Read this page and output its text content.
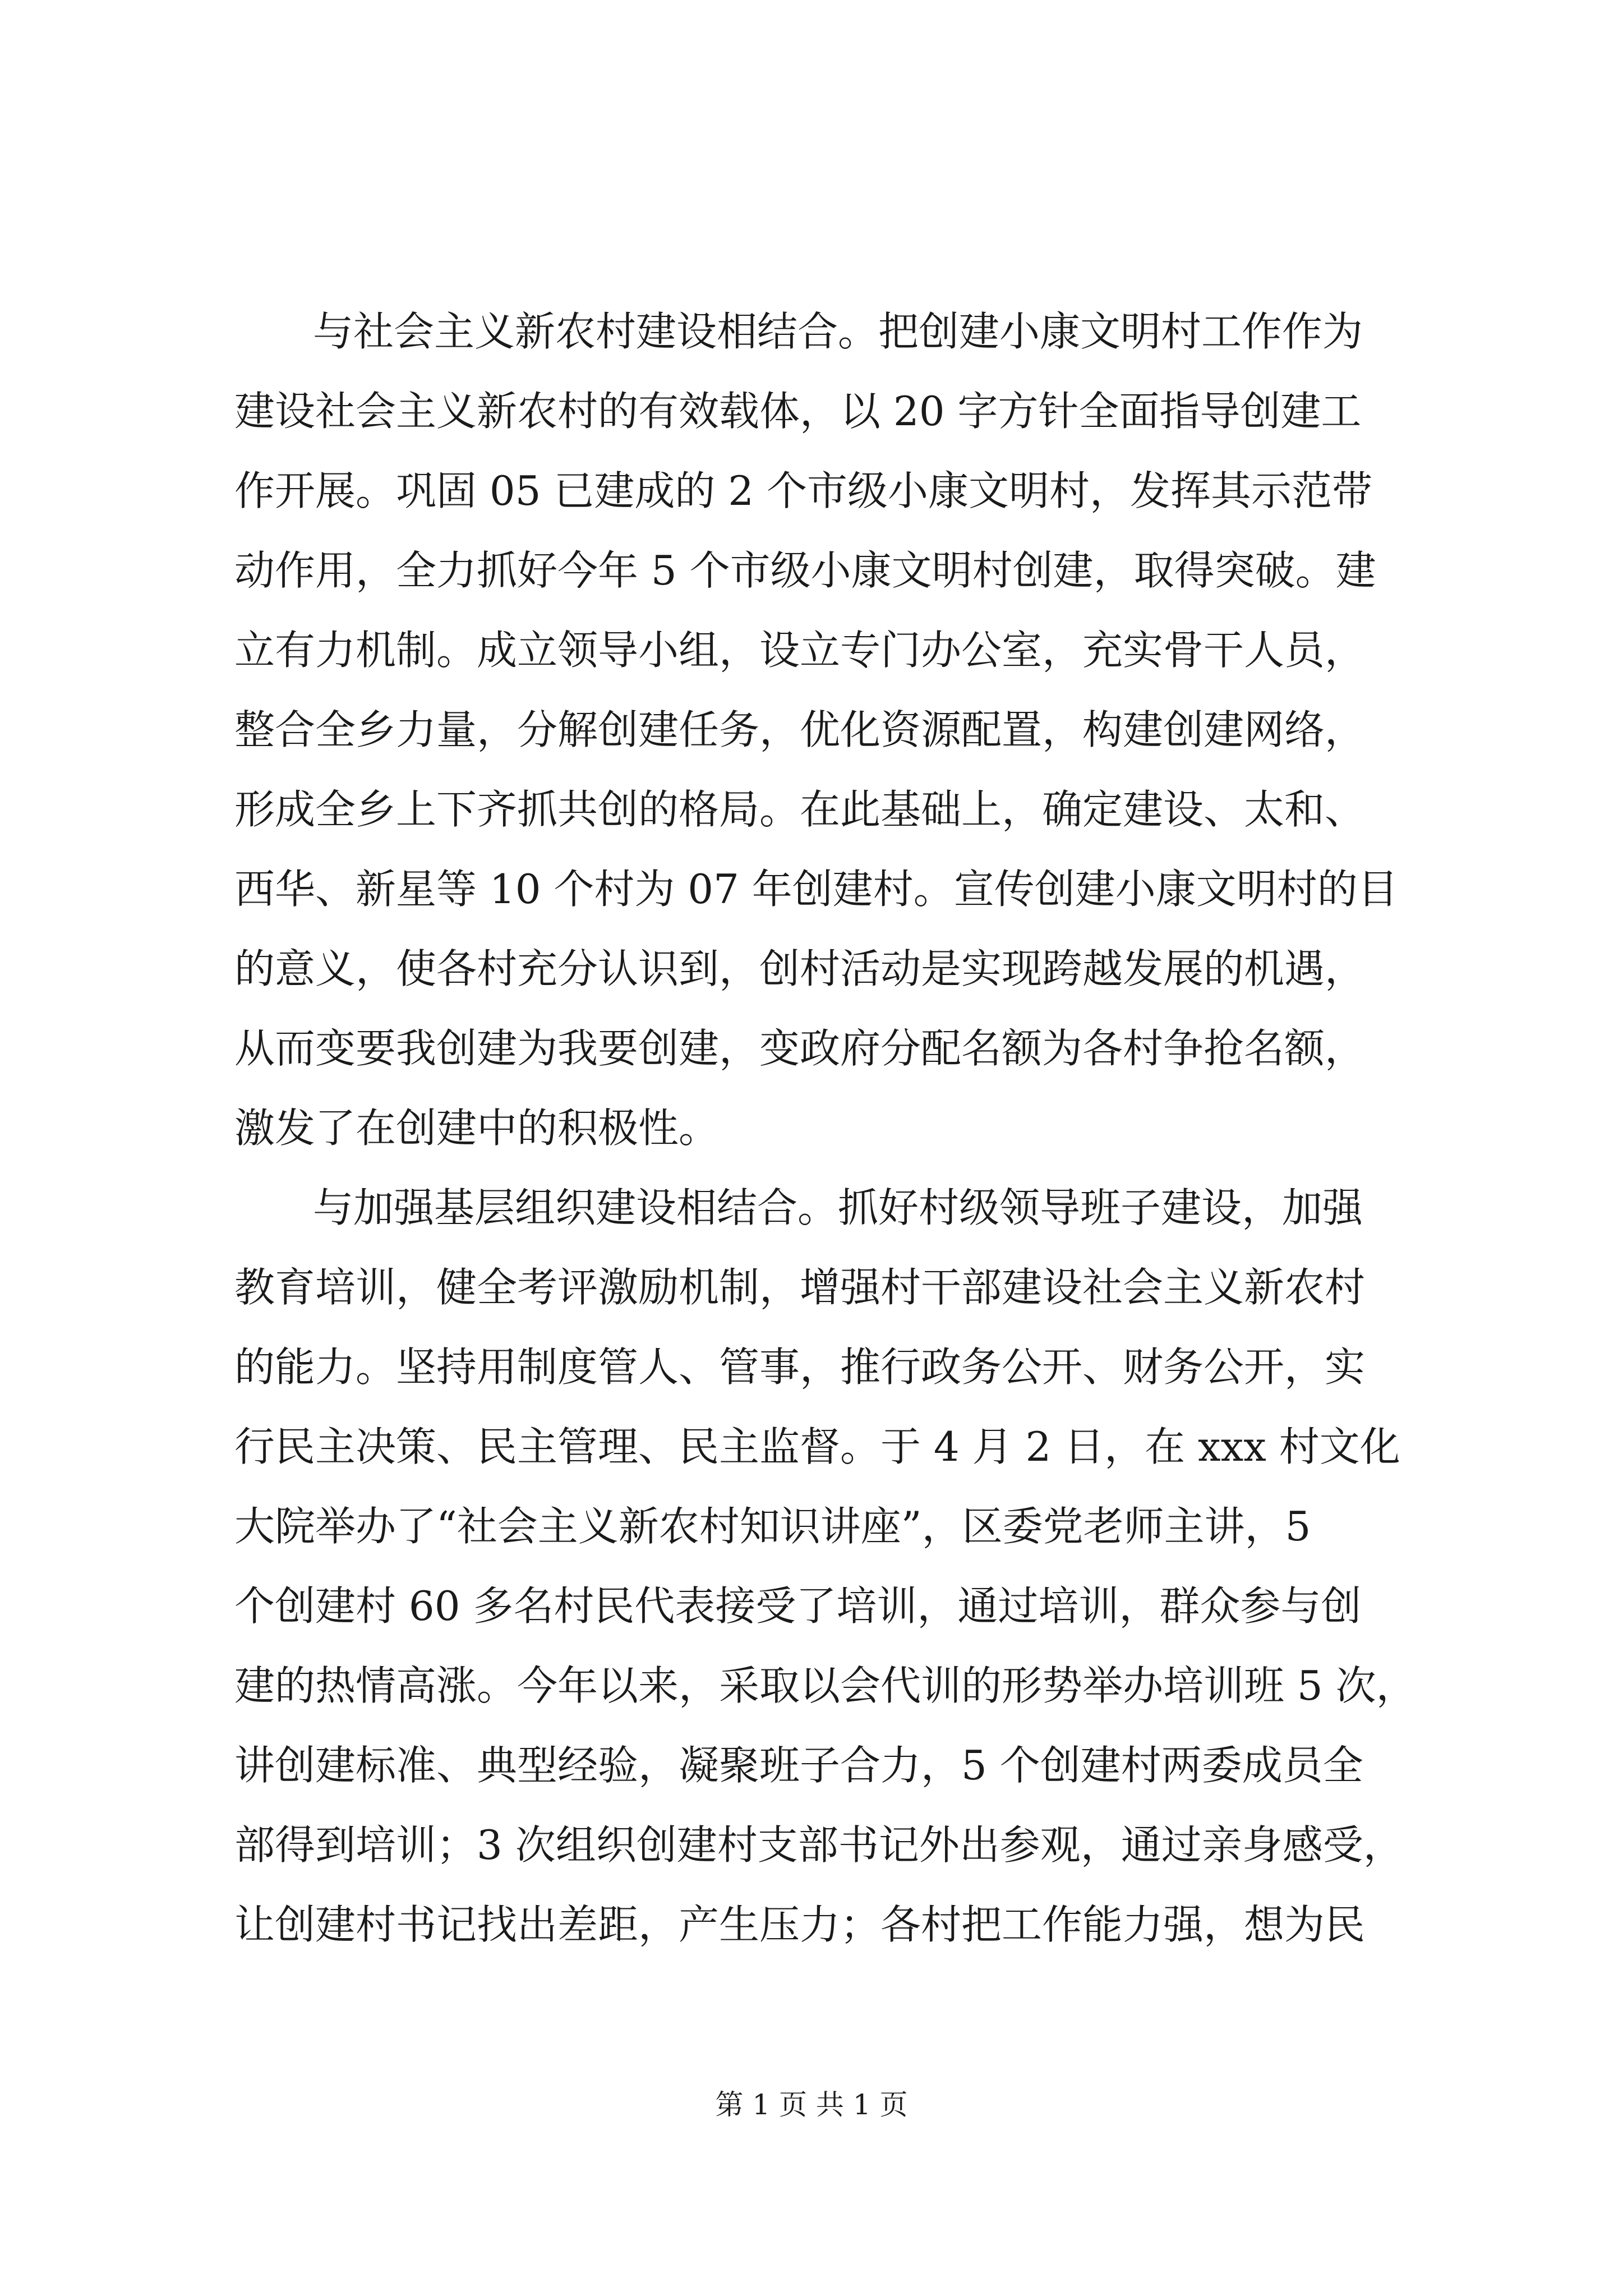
与社会主义新农村建设相结合。把创建小康文明村工作作为
建设社会主义新农村的有效载体，以 20 字方针全面指导创建工
作开展。巩固 05 已建成的 2 个市级小康文明村，发挥其示范带
动作用，全力抓好今年 5 个市级小康文明村创建，取得突破。建
立有力机制。成立领导小组，设立专门办公室，充实骨干人员，
整合全乡力量，分解创建任务，优化资源配置，构建创建网络，
形成全乡上下齐抓共创的格局。在此基础上，确定建设、太和、
西华、新星等 10 个村为 07 年创建村。宣传创建小康文明村的目
的意义，使各村充分认识到，创村活动是实现跨越发展的机遇，
从而变要我创建为我要创建，变政府分配名额为各村争抢名额，
激发了在创建中的积极性。
与加强基层组织建设相结合。抓好村级领导班子建设，加强
教育培训，健全考评激励机制，增强村干部建设社会主义新农村
的能力。坚持用制度管人、管事，推行政务公开、财务公开，实
行民主决策、民主管理、民主监督。于 4 月 2 日，在 xxx 村文化
大院举办了“社会主义新农村知识讲座”，区委党老师主讲，5
个创建村 60 多名村民代表接受了培训，通过培训，群众参与创
建的热情高涨。今年以来，采取以会代训的形势举办培训班 5 次，
讲创建标准、典型经验，凝聚班子合力，5 个创建村两委成员全
部得到培训；3 次组织创建村支部书记外出参观，通过亲身感受，
让创建村书记找出差距，产生压力；各村把工作能力强，想为民
第 1 页 共 1 页
